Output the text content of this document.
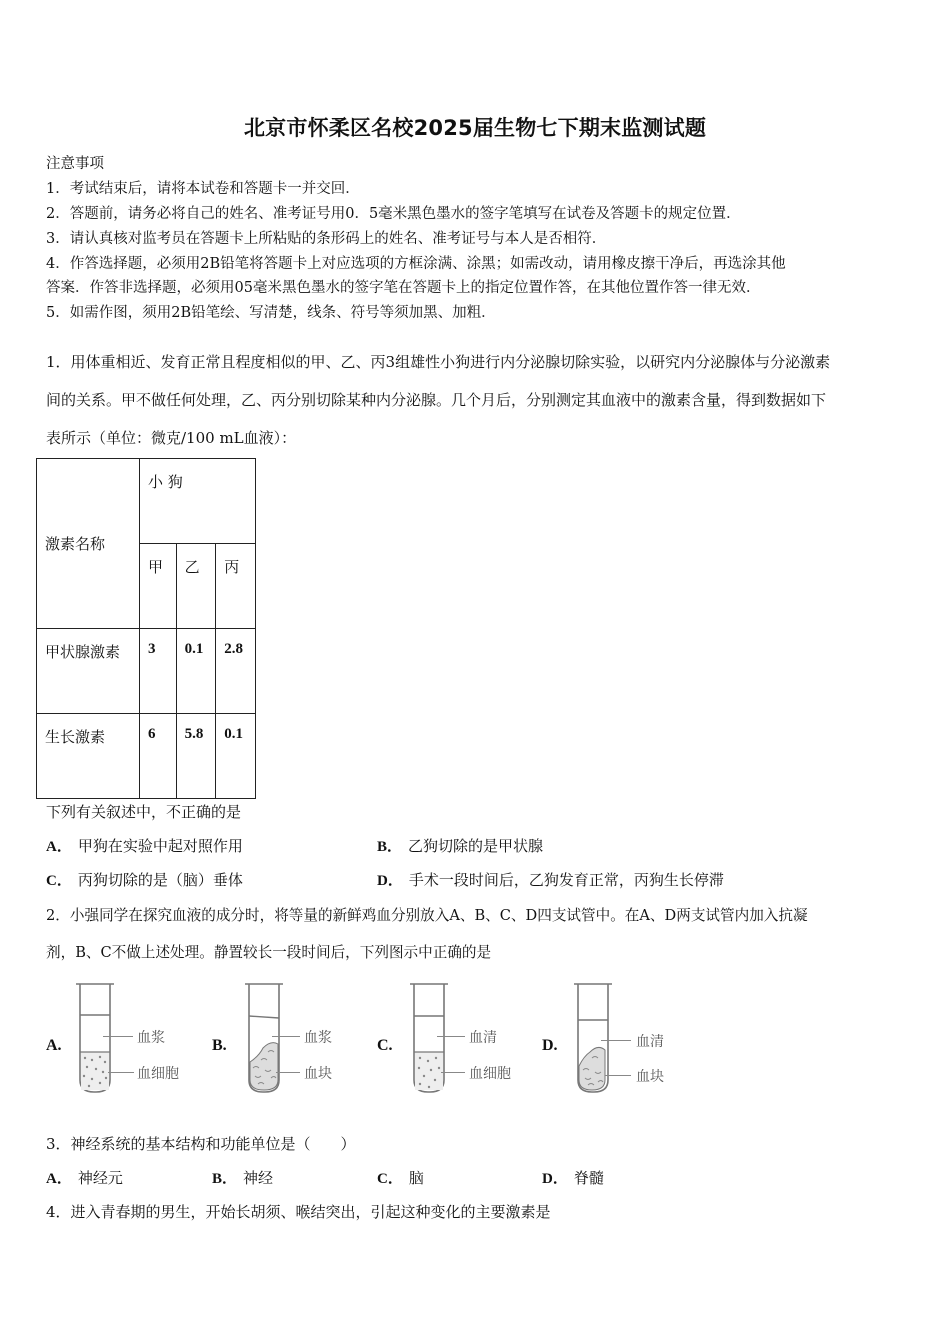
北京市怀柔区名校2025届生物七下期末监测试题
注意事项
1．考试结束后，请将本试卷和答题卡一并交回．
2．答题前，请务必将自己的姓名、准考证号用0．5毫米黑色墨水的签字笔填写在试卷及答题卡的规定位置．
3．请认真核对监考员在答题卡上所粘贴的条形码上的姓名、准考证号与本人是否相符．
4．作答选择题，必须用2B铅笔将答题卡上对应选项的方框涂满、涂黑；如需改动，请用橡皮擦干净后，再选涂其他
答案．作答非选择题，必须用05毫米黑色墨水的签字笔在答题卡上的指定位置作答，在其他位置作答一律无效．
5．如需作图，须用2B铅笔绘、写清楚，线条、符号等须加黑、加粗．
1．用体重相近、发育正常且程度相似的甲、乙、丙3组雄性小狗进行内分泌腺切除实验，以研究内分泌腺体与分泌激素
间的关系。甲不做任何处理，乙、丙分别切除某种内分泌腺。几个月后，分别测定其血液中的激素含量，得到数据如下
表所示（单位：微克/100 mL血液）：
激素名称	小 狗		

	甲	乙	丙

甲状腺激素	3	0.1	2.8

生长激素	6	5.8	0.1
下列有关叙述中，不正确的是
A． 甲狗在实验中起对照作用	B． 乙狗切除的是甲状腺
C． 丙狗切除的是（脑）垂体	D． 手术一段时间后，乙狗发育正常，丙狗生长停滞
2．小强同学在探究血液的成分时，将等量的新鲜鸡血分别放入A、B、C、D四支试管中。在A、D两支试管内加入抗凝
剂，B、C不做上述处理。静置较长一段时间后，下列图示中正确的是
A.	血浆
血细胞
B.	血浆
血块
C.	血清
血细胞
D.	血清
血块
3．神经系统的基本结构和功能单位是（　　）
A． 神经元	B． 神经	C． 脑	D． 脊髓
4．进入青春期的男生，开始长胡须、喉结突出，引起这种变化的主要激素是
